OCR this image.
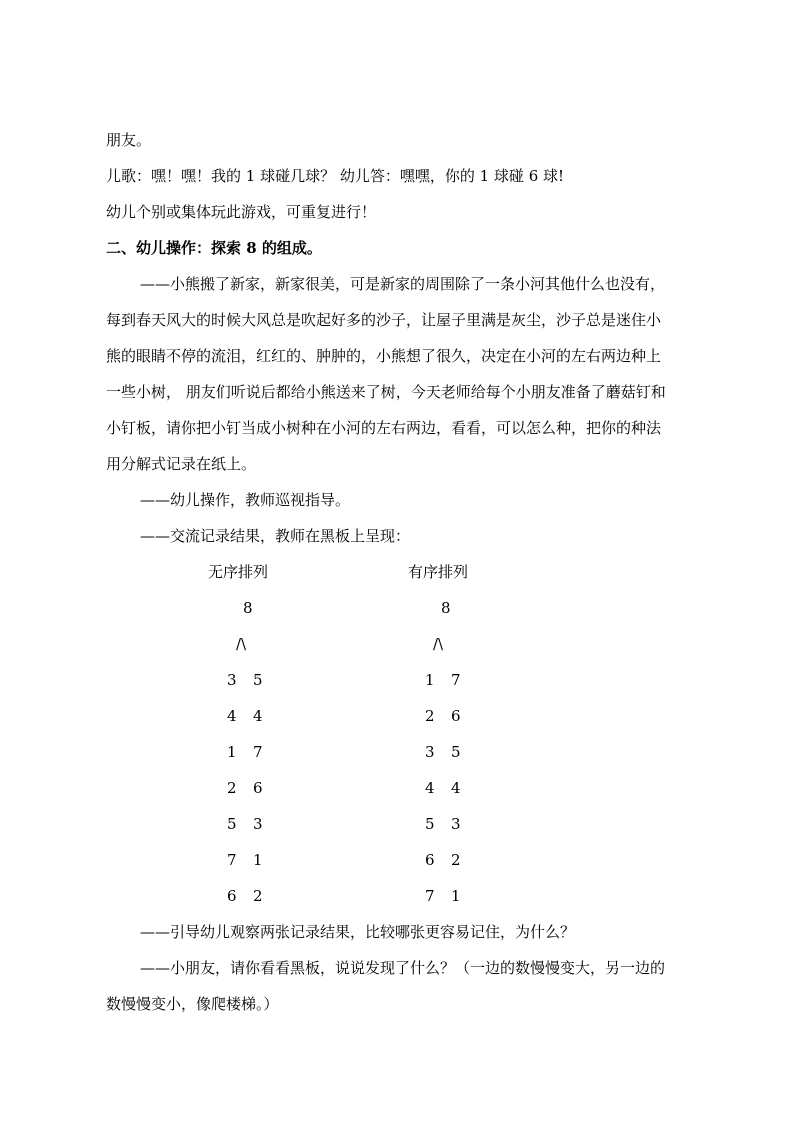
朋友。
儿歌：嘿！嘿！我的 1 球碰几球？ 幼儿答：嘿嘿，你的 1 球碰 6 球!
幼儿个别或集体玩此游戏，可重复进行！
二、幼儿操作：探索 8 的组成。
——小熊搬了新家，新家很美，可是新家的周围除了一条小河其他什么也没有，
每到春天风大的时候大风总是吹起好多的沙子，让屋子里满是灰尘，沙子总是迷住小
熊的眼睛不停的流泪，红红的、肿肿的，小熊想了很久，决定在小河的左右两边种上
一些小树， 朋友们听说后都给小熊送来了树，今天老师给每个小朋友准备了蘑菇钉和
小钉板，请你把小钉当成小树种在小河的左右两边，看看，可以怎么种，把你的种法
用分解式记录在纸上。
——幼儿操作，教师巡视指导。
——交流记录结果，教师在黑板上呈现：
无序排列
8
/\
3 5
4 4
1 7
2 6
5 3
7 1
6 2
有序排列
8
/\
1 7
2 6
3 5
4 4
5 3
6 2
7 1
——引导幼儿观察两张记录结果，比较哪张更容易记住，为什么？
——小朋友，请你看看黑板，说说发现了什么？（一边的数慢慢变大，另一边的
数慢慢变小，像爬楼梯。）
